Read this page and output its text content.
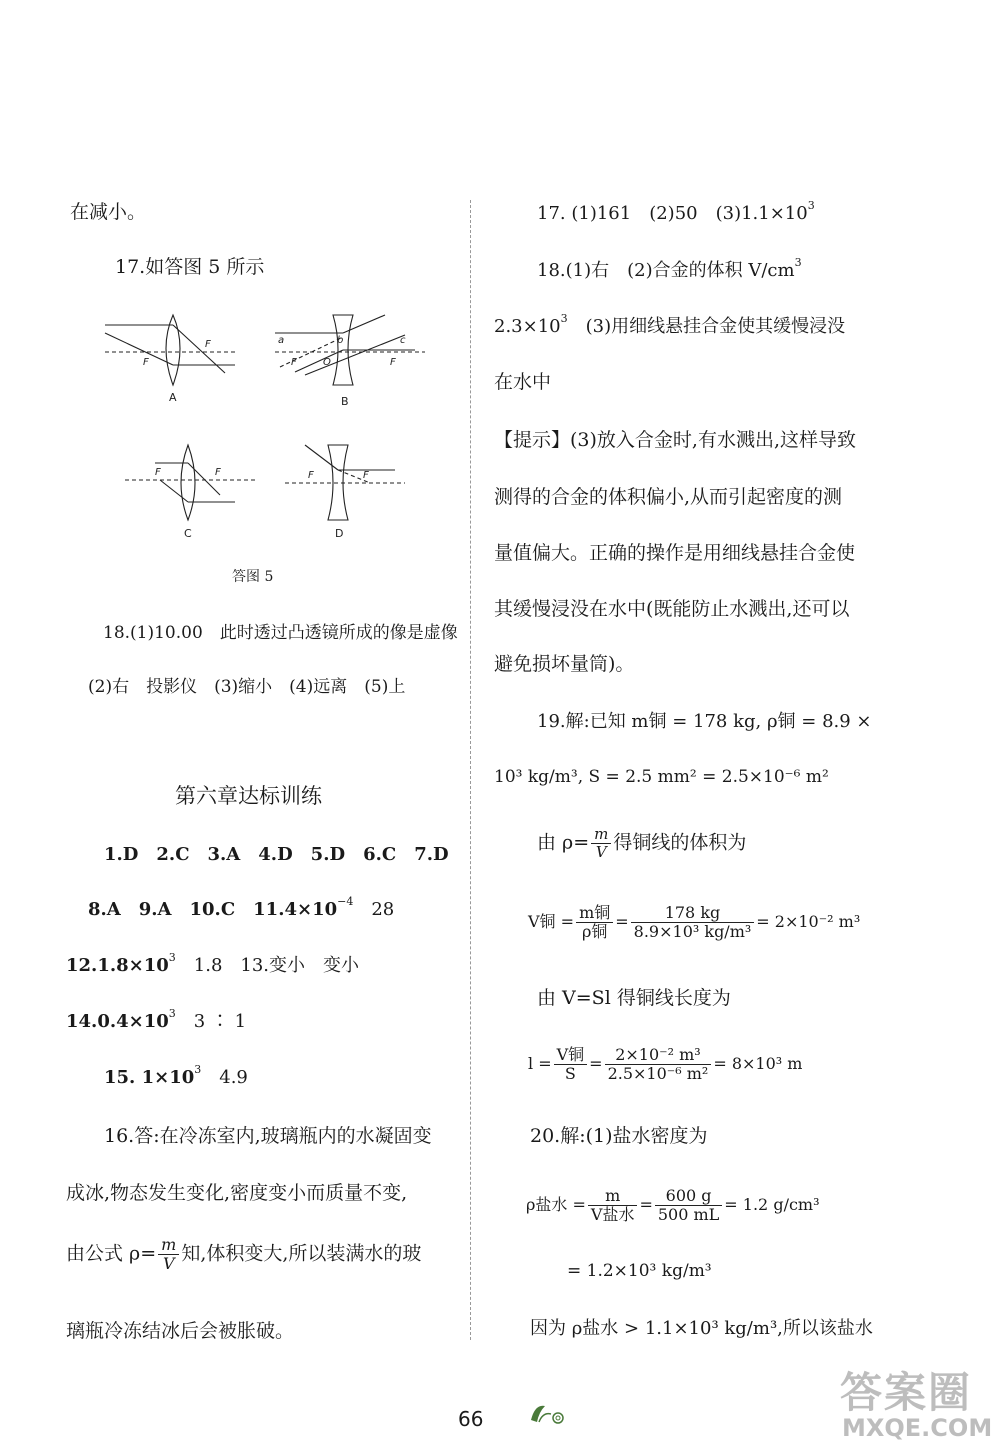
在减小。
17.如答图 5 所示
F
F	a	b	c
F	O	F
F	F	F	F
A	B
C	D
答图 5
18.(1)10.00　此时透过凸透镜所成的像是虚像
(2)右　投影仪　(3)缩小　(4)远离　(5)上
第六章达标训练
1.D　2.C　3.A　4.D　5.D　6.C　7.D
8.A　9.A　10.C　$11.4\times 10^{-4}$　28
$12.1.8\times 10^3$　1.8　13.变小　变小
$14.0.4\times 10^3$　3 ∶ 1
15. $1\times 10^3$　4.9
16.答:在冷冻室内,玻璃瓶内的水凝固变
成冰,物态发生变化,密度变小而质量不变,
由公式 $\rho= \frac{m}{V}$ 知,体积变大,所以装满水的玻
璃瓶冷冻结冰后会被胀破。
17. (1)161　(2)50　$(3)1.1\times 10^3$
18.(1)右　(2)合金的体积 $V/cm^3$
$2.3\times 10^3$　(3)用细线悬挂合金使其缓慢浸没
在水中
【提示】(3)放入合金时,有水溅出,这样导致
测得的合金的体积偏小,从而引起密度的测
量值偏大。正确的操作是用细线悬挂合金使
其缓慢浸没在水中(既能防止水溅出,还可以
避免损坏量筒)。
19.解:已知 m铜 = 178 kg, ρ铜 = 8.9 ×
10³ kg/m³, S = 2.5 mm² = 2.5×10⁻⁶ m²
由 $\rho= \frac{m}{V}$ 得铜线的体积为
V铜 = $\frac{\text{m铜}}{\text{ρ铜}} = \frac{178 kg}{\text{8.9×10³ kg/m³}} = 2\times 10^{-2}$ m³
由 V=Sl 得铜线长度为
$l = \frac{\text{V铜}}{S} = \frac{\text{2×10⁻² m³}}{\text{2.5×10⁻⁶ m²}} = 8\times 10^3$ m
20.解:(1)盐水密度为
ρ盐水 = $\frac{m}{\text{V盐水}} = \frac{600 g}{500 mL} = 1.2$ g/cm³
= 1.2×10³ kg/m³
因为 ρ盐水 > 1.1×10³ kg/m³,所以该盐水
66
答案圈
MXQE.COM
